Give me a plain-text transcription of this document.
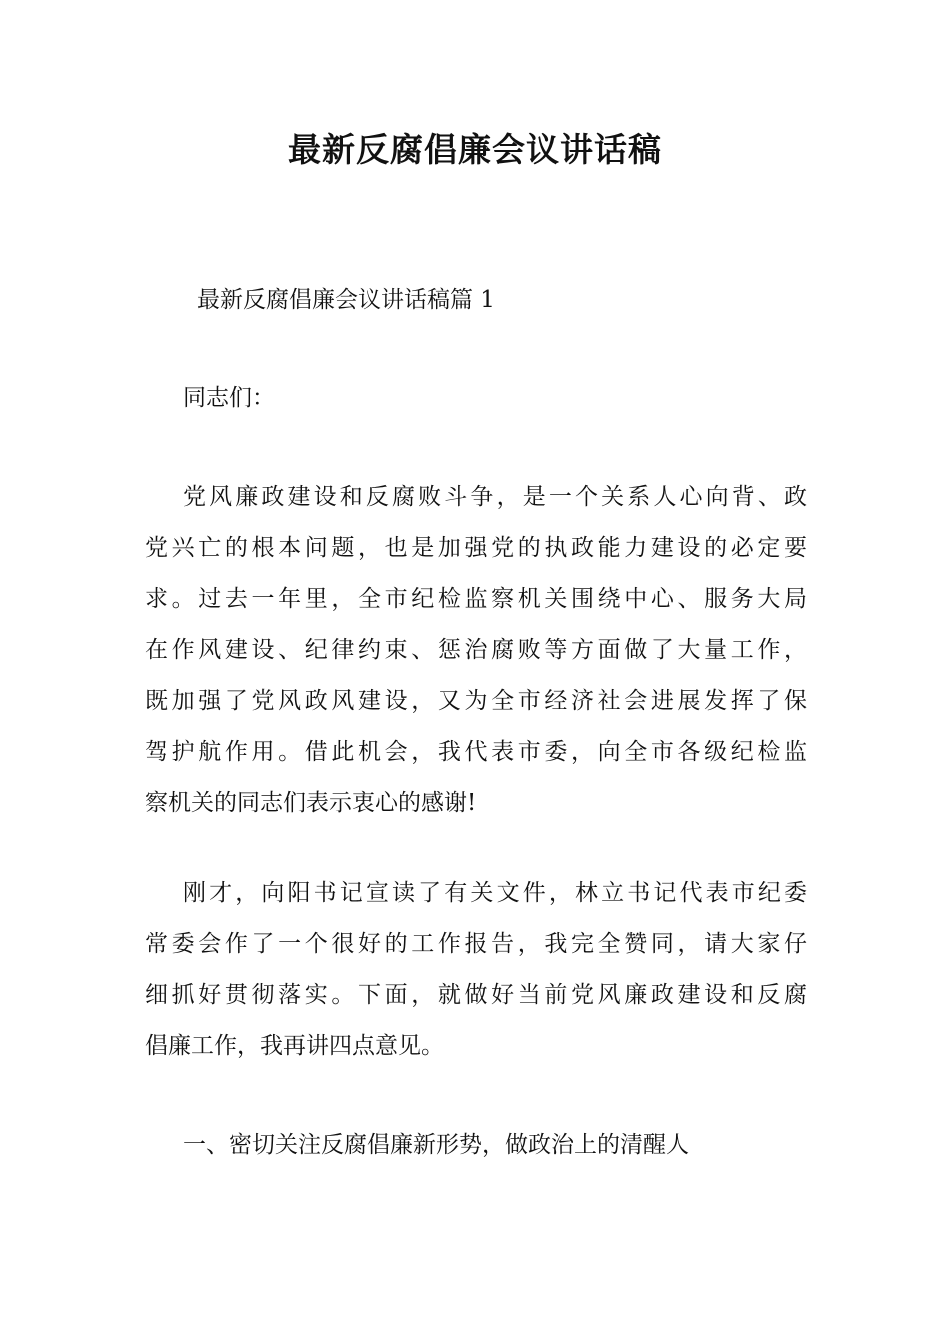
最新反腐倡廉会议讲话稿

最新反腐倡廉会议讲话稿篇 1

同志们：

党风廉政建设和反腐败斗争，是一个关系人心向背、政
党兴亡的根本问题，也是加强党的执政能力建设的必定要
求。过去一年里，全市纪检监察机关围绕中心、服务大局
在作风建设、纪律约束、惩治腐败等方面做了大量工作，
既加强了党风政风建设，又为全市经济社会进展发挥了保
驾护航作用。借此机会，我代表市委，向全市各级纪检监
察机关的同志们表示衷心的感谢!
刚才，向阳书记宣读了有关文件，林立书记代表市纪委
常委会作了一个很好的工作报告，我完全赞同，请大家仔
细抓好贯彻落实。下面，就做好当前党风廉政建设和反腐
倡廉工作，我再讲四点意见。

一、密切关注反腐倡廉新形势，做政治上的清醒人
